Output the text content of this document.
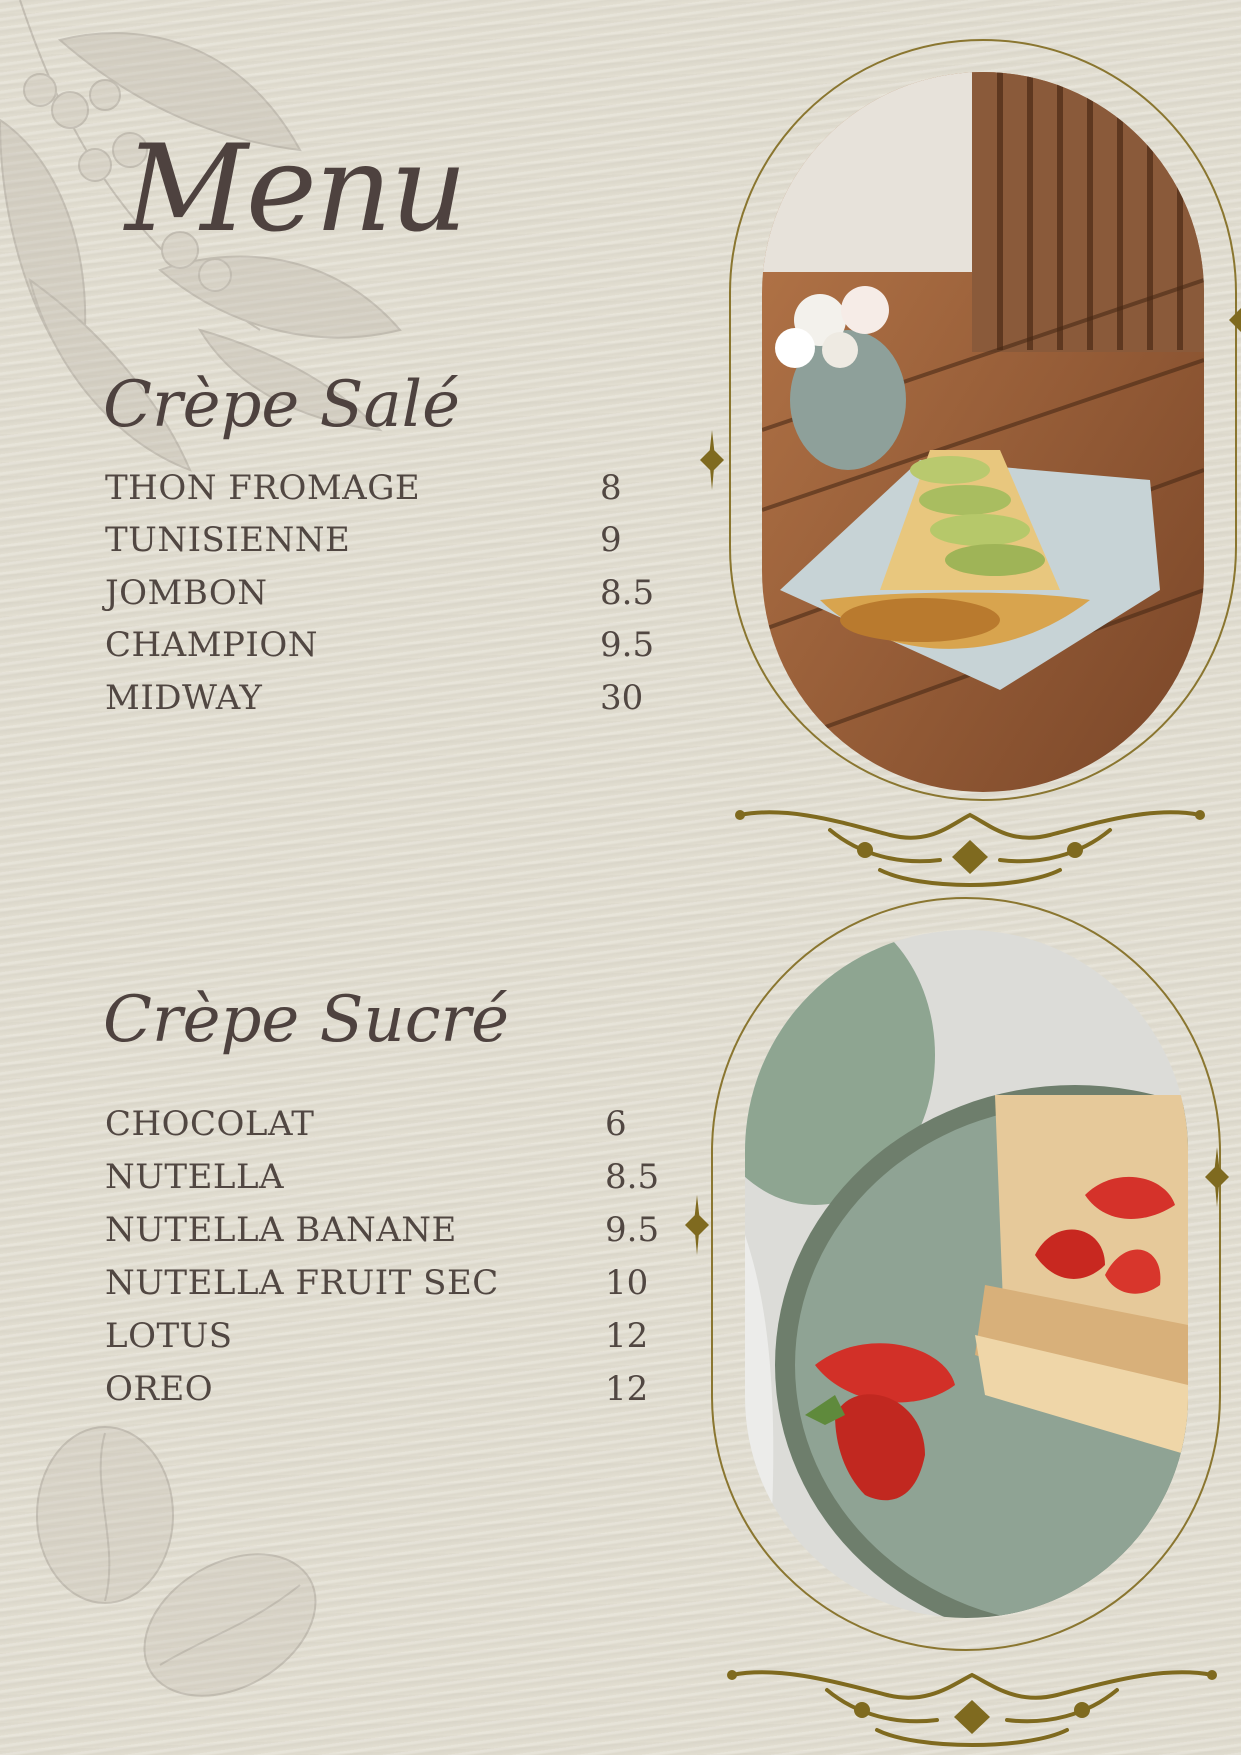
Menu
Crèpe Salé
THON FROMAGE	8
TUNISIENNE	9
JOMBON	8.5
CHAMPION	9.5
MIDWAY	30
Crèpe Sucré
CHOCOLAT	6
NUTELLA	8.5
NUTELLA BANANE	9.5
NUTELLA FRUIT SEC	10
LOTUS	12
OREO	12
